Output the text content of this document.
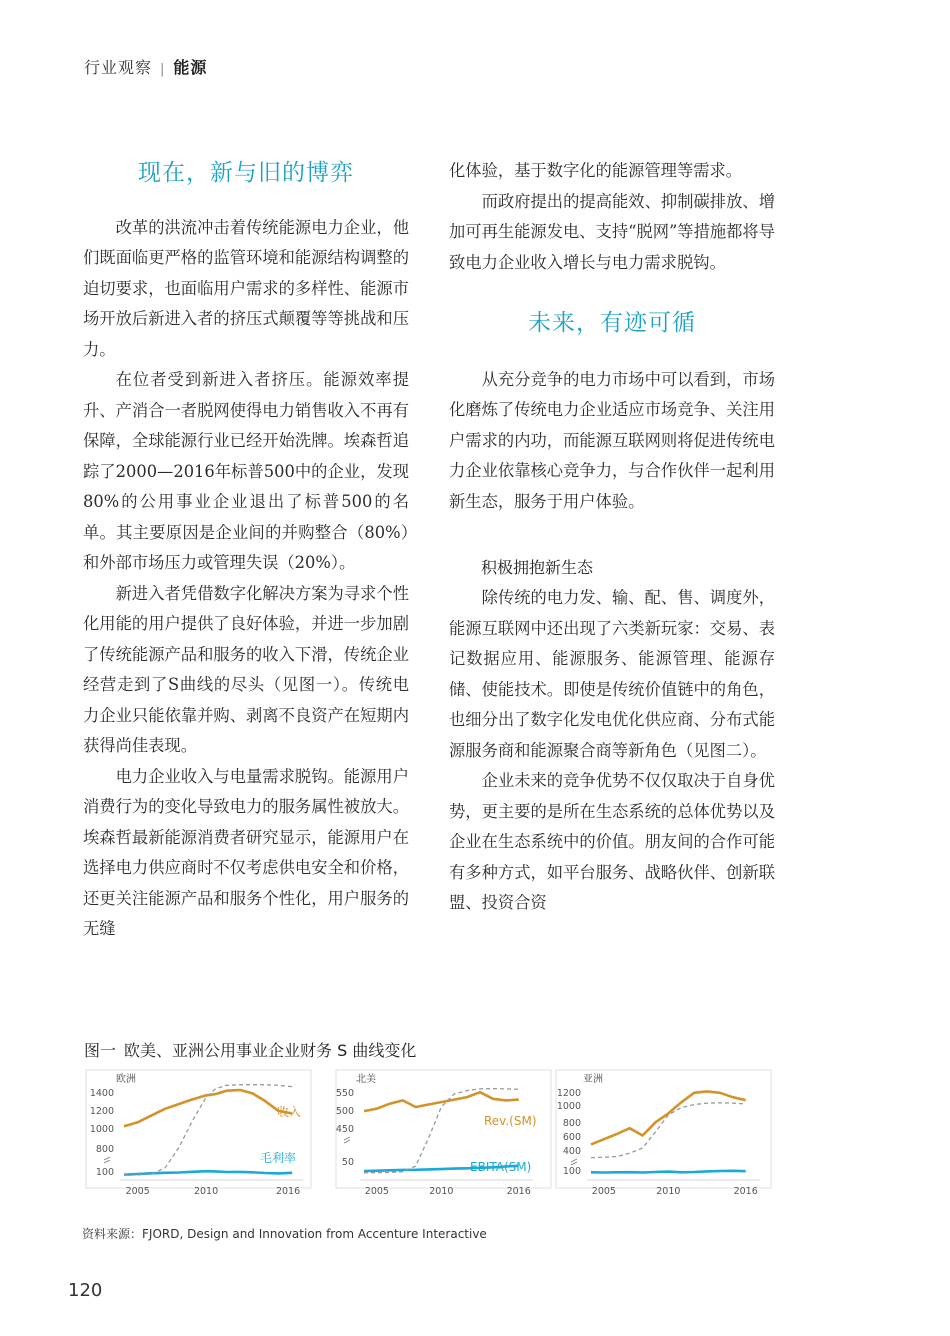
行业观察 | 能源
现在，新与旧的博弈

改革的洪流冲击着传统能源电力企业，他们既面临更严格的监管环境和能源结构调整的迫切要求，也面临用户需求的多样性、能源市场开放后新进入者的挤压式颠覆等等挑战和压力。

在位者受到新进入者挤压。能源效率提升、产消合一者脱网使得电力销售收入不再有保障，全球能源行业已经开始洗牌。埃森哲追踪了2000—2016年标普500中的企业，发现80%的公用事业企业退出了标普500的名单。其主要原因是企业间的并购整合（80%）和外部市场压力或管理失误（20%）。

新进入者凭借数字化解决方案为寻求个性化用能的用户提供了良好体验，并进一步加剧了传统能源产品和服务的收入下滑，传统企业经营走到了S曲线的尽头（见图一）。传统电力企业只能依靠并购、剥离不良资产在短期内获得尚佳表现。

电力企业收入与电量需求脱钩。能源用户消费行为的变化导致电力的服务属性被放大。埃森哲最新能源消费者研究显示，能源用户在选择电力供应商时不仅考虑供电安全和价格，还更关注能源产品和服务个性化，用户服务的无缝

化体验，基于数字化的能源管理等需求。

而政府提出的提高能效、抑制碳排放、增加可再生能源发电、支持“脱网”等措施都将导致电力企业收入增长与电力需求脱钩。

未来，有迹可循

从充分竞争的电力市场中可以看到，市场化磨炼了传统电力企业适应市场竞争、关注用户需求的内功，而能源互联网则将促进传统电力企业依靠核心竞争力，与合作伙伴一起利用新生态，服务于用户体验。

积极拥抱新生态

除传统的电力发、输、配、售、调度外，能源互联网中还出现了六类新玩家：交易、表记数据应用、能源服务、能源管理、能源存储、使能技术。即使是传统价值链中的角色，也细分出了数字化发电优化供应商、分布式能源服务商和能源聚合商等新角色（见图二）。

企业未来的竞争优势不仅仅取决于自身优势，更主要的是所在生态系统的总体优势以及企业在生态系统中的价值。朋友间的合作可能有多种方式，如平台服务、战略伙伴、创新联盟、投资合资

图一 欧美、亚洲公用事业企业财务 S 曲线变化
欧洲
1400
1200
1000
800
100
2005	2010	2016
收入
毛利率
北美
550
500
450
50
2005	2010	2016
Rev.(SM)
EBITA(SM)
亚洲
1200
1000
800
600
400
100
2005	2010	2016
资料来源：FJORD, Design and Innovation from Accenture Interactive
120
